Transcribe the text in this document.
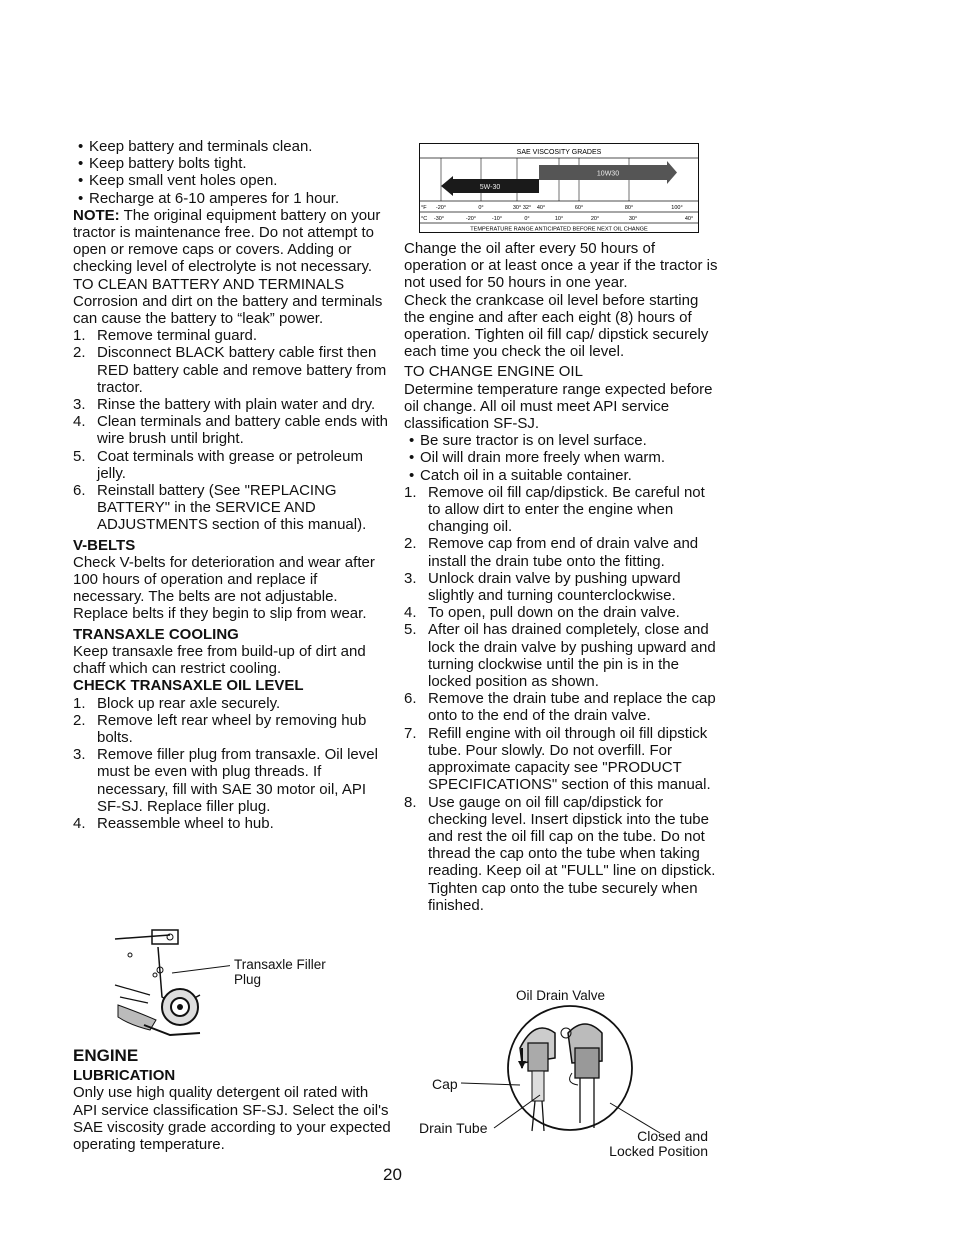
• Keep battery and terminals clean.

• Keep battery bolts tight.

• Keep small vent holes open.

• Recharge at 6-10 amperes for 1 hour.

NOTE: The original equipment battery on your tractor is maintenance free. Do not attempt to open or remove caps or covers. Adding or checking level of electrolyte is not necessary.

TO CLEAN BATTERY AND TERMINALS

Corrosion and dirt on the battery and terminals can cause the battery to “leak” power.

1. Remove terminal guard.

2. Disconnect BLACK battery cable first then RED battery cable and remove battery from tractor.

3. Rinse the battery with plain water and dry.

4. Clean terminals and battery cable ends with wire brush until bright.

5. Coat terminals with grease or petroleum jelly.

6. Reinstall battery (See "REPLACING BATTERY" in the SERVICE AND ADJUSTMENTS section of this manual).

V-BELTS

Check V-belts for deterioration and wear after 100 hours of operation and replace if necessary. The belts are not adjustable. Replace belts if they begin to slip from wear.

TRANSAXLE COOLING

Keep transaxle free from build-up of dirt and chaff which can restrict cooling.

CHECK TRANSAXLE OIL LEVEL

1. Block up rear axle securely.

2. Remove left rear wheel by removing hub bolts.

3. Remove filler plug from transaxle. Oil level must be even with plug threads. If necessary, fill with SAE 30 motor oil, API SF-SJ. Replace filler plug.

4. Reassemble wheel to hub.

Transaxle Filler
Plug

ENGINE

LUBRICATION

Only use high quality detergent oil rated with API service classification SF-SJ. Select the oil's SAE viscosity grade according to your expected operating temperature.

SAE VISCOSITY GRADES
5W-30
10W30
°F -20°	0°	30° 32° 40°	60°	80°	100°
°C -30°	-20°	-10°	0°	10°	20°	30°	40°
TEMPERATURE RANGE ANTICIPATED BEFORE NEXT OIL CHANGE

Change the oil after every 50 hours of operation or at least once a year if the tractor is not used for 50 hours in one year.

Check the crankcase oil level before starting the engine and after each eight (8) hours of operation. Tighten oil fill cap/ dipstick securely each time you check the oil level.

TO CHANGE ENGINE OIL

Determine temperature range expected before oil change. All oil must meet API service classification SF-SJ.

• Be sure tractor is on level surface.

• Oil will drain more freely when warm.

• Catch oil in a suitable container.

1. Remove oil fill cap/dipstick. Be careful not to allow dirt to enter the engine when changing oil.

2. Remove cap from end of drain valve and install the drain tube onto the fitting.

3. Unlock drain valve by pushing upward slightly and turning counterclockwise.

4. To open, pull down on the drain valve.

5. After oil has drained completely, close and lock the drain valve by pushing upward and turning clockwise until the pin is in the locked position as shown.

6. Remove the drain tube and replace the cap onto to the end of the drain valve.

7. Refill engine with oil through oil fill dipstick tube. Pour slowly. Do not overfill. For approximate capacity see "PRODUCT SPECIFICATIONS" section of this manual.

8. Use gauge on oil fill cap/dipstick for checking level. Insert dipstick into the tube and rest the oil fill cap on the tube. Do not thread the cap onto the tube when taking reading. Keep oil at "FULL" line on dipstick. Tighten cap onto the tube securely when finished.

Oil Drain Valve
Cap
Drain Tube	Closed and
Locked Position
20
